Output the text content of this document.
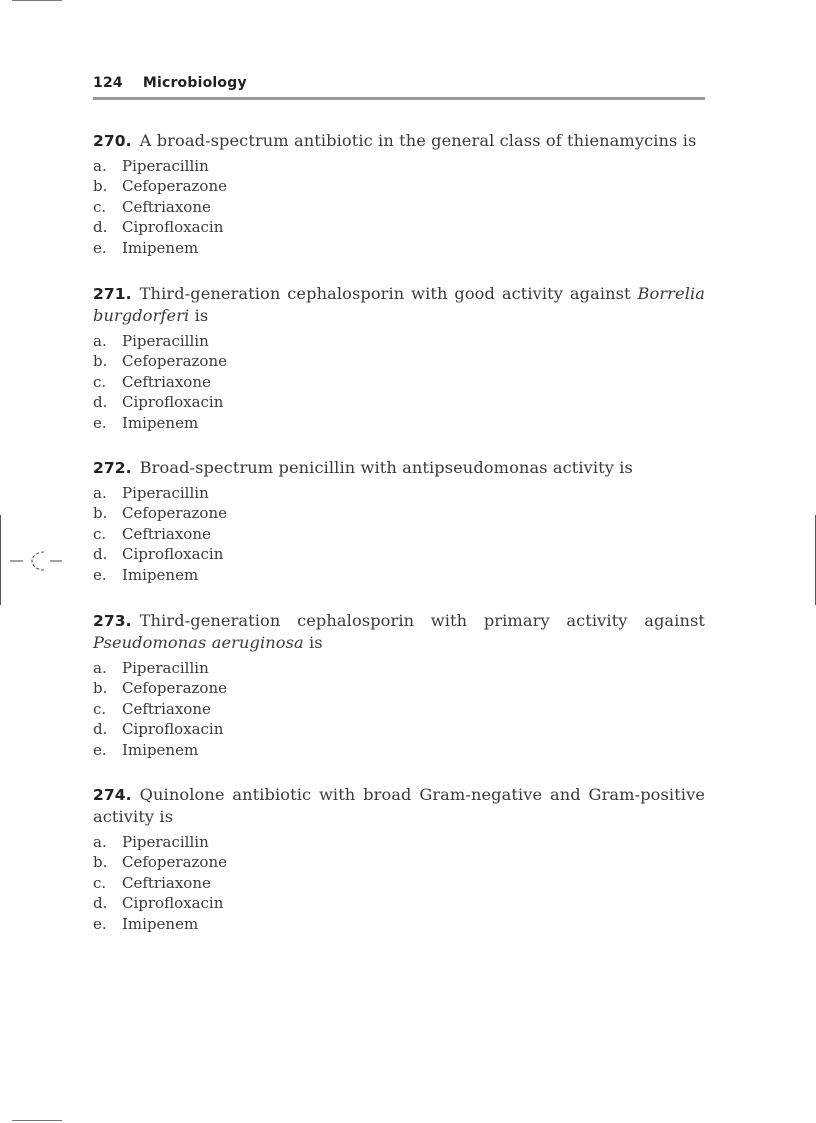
124 Microbiology
270. A broad-spectrum antibiotic in the general class of thienamycins is
a. Piperacillin
b. Cefoperazone
c. Ceftriaxone
d. Ciprofloxacin
e. Imipenem
271. Third-generation cephalosporin with good activity against Borrelia burgdorferi is
a. Piperacillin
b. Cefoperazone
c. Ceftriaxone
d. Ciprofloxacin
e. Imipenem
272. Broad-spectrum penicillin with antipseudomonas activity is
a. Piperacillin
b. Cefoperazone
c. Ceftriaxone
d. Ciprofloxacin
e. Imipenem
273. Third-generation cephalosporin with primary activity against Pseudomonas aeruginosa is
a. Piperacillin
b. Cefoperazone
c. Ceftriaxone
d. Ciprofloxacin
e. Imipenem
274. Quinolone antibiotic with broad Gram-negative and Gram-positive activity is
a. Piperacillin
b. Cefoperazone
c. Ceftriaxone
d. Ciprofloxacin
e. Imipenem
